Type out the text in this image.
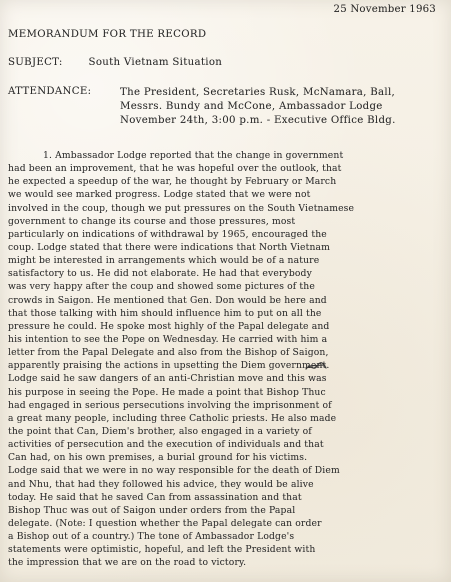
25 November 1963
MEMORANDUM FOR THE RECORD
SUBJECT:	South Vietnam Situation
ATTENDANCE:	The President, Secretaries Rusk, McNamara, Ball,
Messrs. Bundy and McCone, Ambassador Lodge
November 24th, 3:00 p.m. - Executive Office Bldg.
1. Ambassador Lodge reported that the change in government
had been an improvement, that he was hopeful over the outlook, that
he expected a speedup of the war, he thought by February or March
we would see marked progress. Lodge stated that we were not
involved in the coup, though we put pressures on the South Vietnamese
government to change its course and those pressures, most
particularly on indications of withdrawal by 1965, encouraged the
coup. Lodge stated that there were indications that North Vietnam
might be interested in arrangements which would be of a nature
satisfactory to us. He did not elaborate. He had that everybody
was very happy after the coup and showed some pictures of the
crowds in Saigon. He mentioned that Gen. Don would be here and
that those talking with him should influence him to put on all the
pressure he could. He spoke most highly of the Papal delegate and
his intention to see the Pope on Wednesday. He carried with him a
letter from the Papal Delegate and also from the Bishop of Saigon,
apparently praising the actions in upsetting the Diem government.
Lodge said he saw dangers of an anti-Christian move and this was
his purpose in seeing the Pope. He made a point that Bishop Thuc
had engaged in serious persecutions involving the imprisonment of
a great many people, including three Catholic priests. He also made
the point that Can, Diem's brother, also engaged in a variety of
activities of persecution and the execution of individuals and that
Can had, on his own premises, a burial ground for his victims.
Lodge said that we were in no way responsible for the death of Diem
and Nhu, that had they followed his advice, they would be alive
today. He said that he saved Can from assassination and that
Bishop Thuc was out of Saigon under orders from the Papal
delegate. (Note: I question whether the Papal delegate can order
a Bishop out of a country.) The tone of Ambassador Lodge's
statements were optimistic, hopeful, and left the President with
the impression that we are on the road to victory.
